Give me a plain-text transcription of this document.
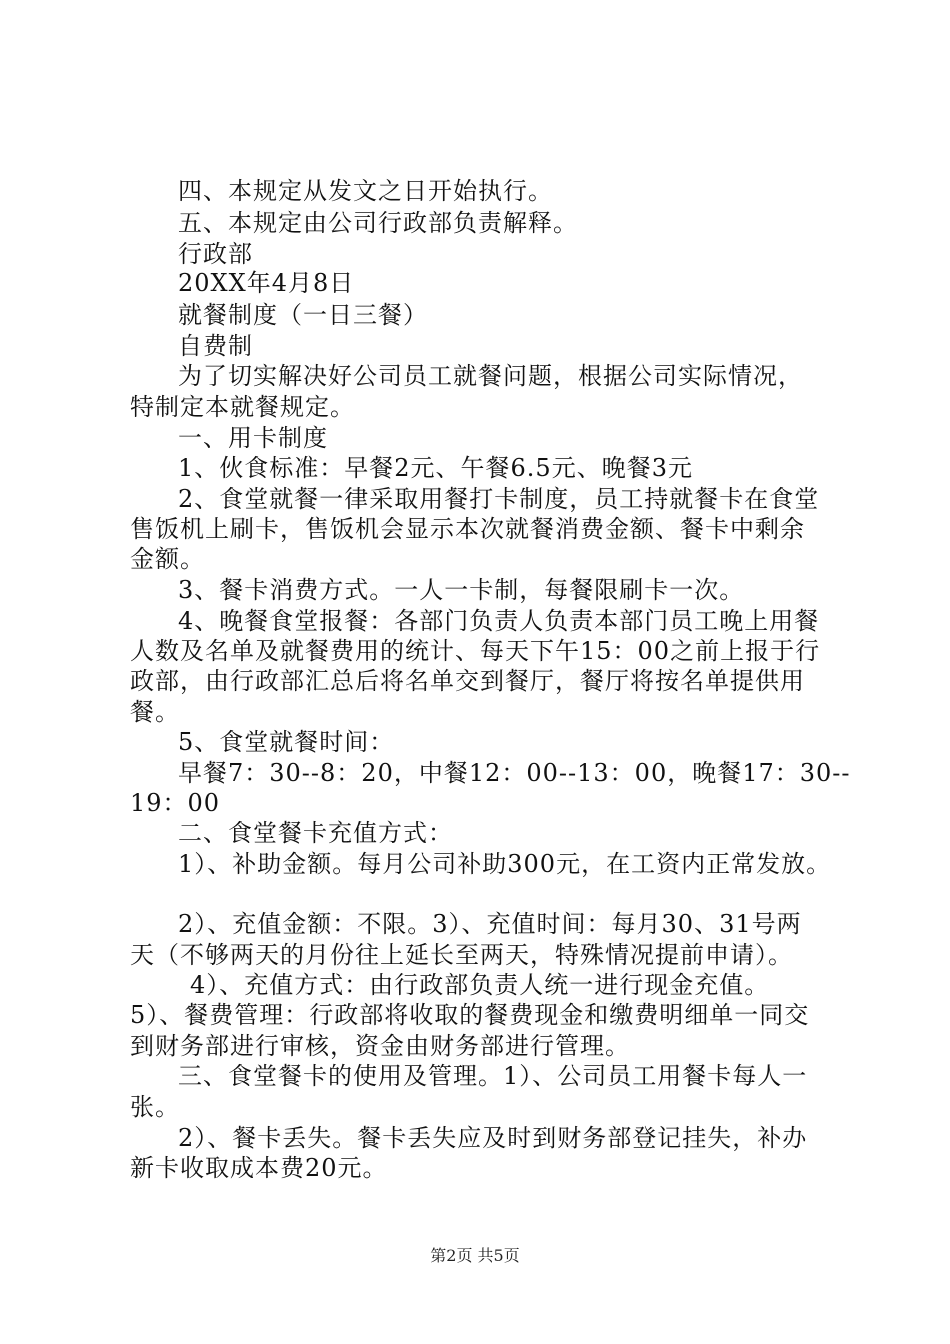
四、本规定从发文之日开始执行。
五、本规定由公司行政部负责解释。
行政部
20XX年4月8日
就餐制度（一日三餐）
自费制
为了切实解决好公司员工就餐问题，根据公司实际情况，
特制定本就餐规定。
一、用卡制度
1、伙食标准：早餐2元、午餐6.5元、晚餐3元
2、食堂就餐一律采取用餐打卡制度，员工持就餐卡在食堂
售饭机上刷卡，售饭机会显示本次就餐消费金额、餐卡中剩余
金额。
3、餐卡消费方式。一人一卡制，每餐限刷卡一次。
4、晚餐食堂报餐：各部门负责人负责本部门员工晚上用餐
人数及名单及就餐费用的统计、每天下午15：00之前上报于行
政部，由行政部汇总后将名单交到餐厅，餐厅将按名单提供用
餐。
5、食堂就餐时间：
早餐7：30--8：20，中餐12：00--13：00，晚餐17：30--
19：00
二、食堂餐卡充值方式：
1）、补助金额。每月公司补助300元，在工资内正常发放。
2）、充值金额：不限。3）、充值时间：每月30、31号两
天（不够两天的月份往上延长至两天，特殊情况提前申请）。
4）、充值方式：由行政部负责人统一进行现金充值。
5）、餐费管理：行政部将收取的餐费现金和缴费明细单一同交
到财务部进行审核，资金由财务部进行管理。
三、食堂餐卡的使用及管理。1）、公司员工用餐卡每人一
张。
2）、餐卡丢失。餐卡丢失应及时到财务部登记挂失，补办
新卡收取成本费20元。
第2页 共5页
